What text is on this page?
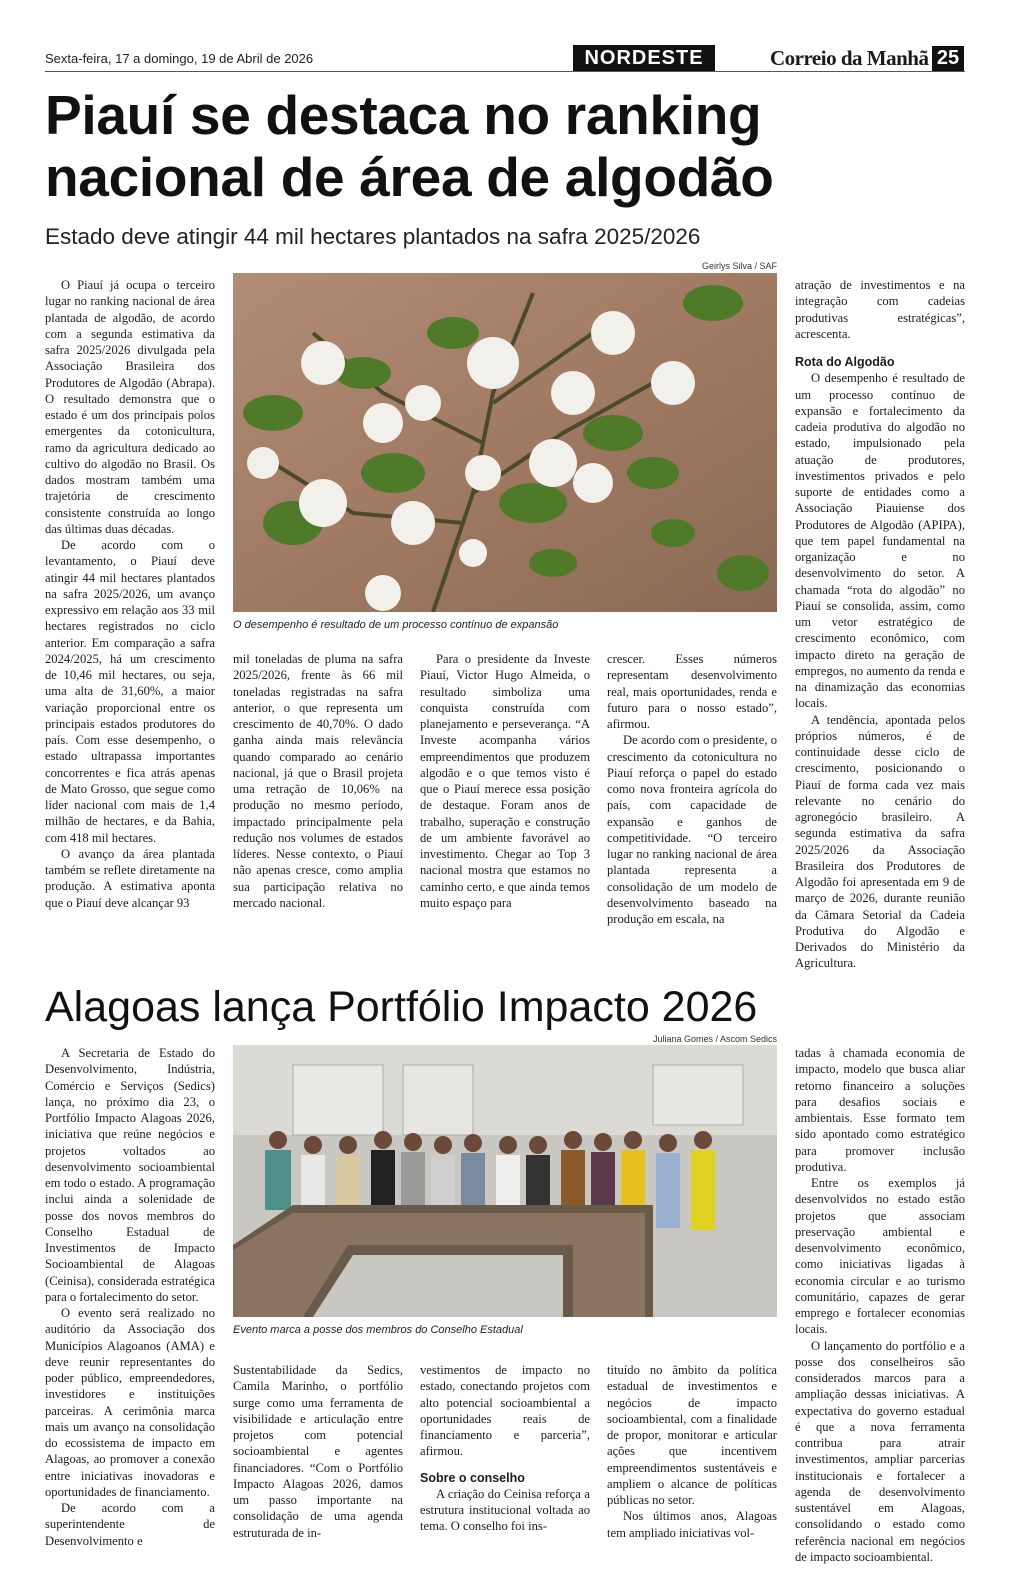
Sexta-feira, 17 a domingo, 19 de Abril de 2026	NORDESTE	Correio da Manhã 25
Piauí se destaca no ranking
nacional de área de algodão
Estado deve atingir 44 mil hectares plantados na safra 2025/2026
Geirlys Silva / SAF
O desempenho é resultado de um processo contínuo de expansão

O Piauí já ocupa o terceiro lugar no ranking nacional de área plantada de algodão, de acordo com a segunda estimativa da safra 2025/2026 divulgada pela Associação Brasileira dos Produtores de Algodão (Abrapa). O resultado demonstra que o estado é um dos principais polos emergentes da cotonicultura, ramo da agricultura dedicado ao cultivo do algodão no Brasil. Os dados mostram também uma trajetória de crescimento consistente construída ao longo das últimas duas décadas.

De acordo com o levantamento, o Piauí deve atingir 44 mil hectares plantados na safra 2025/2026, um avanço expressivo em relação aos 33 mil hectares registrados no ciclo anterior. Em comparação a safra 2024/2025, há um crescimento de 10,46 mil hectares, ou seja, uma alta de 31,60%, a maior variação proporcional entre os principais estados produtores do país. Com esse desempenho, o estado ultrapassa importantes concorrentes e fica atrás apenas de Mato Grosso, que segue como líder nacional com mais de 1,4 milhão de hectares, e da Bahia, com 418 mil hectares.

O avanço da área plantada também se reflete diretamente na produção. A estimativa aponta que o Piauí deve alcançar 93

mil toneladas de pluma na safra 2025/2026, frente às 66 mil toneladas registradas na safra anterior, o que representa um crescimento de 40,70%. O dado ganha ainda mais relevância quando comparado ao cenário nacional, já que o Brasil projeta uma retração de 10,06% na produção no mesmo período, impactado principalmente pela redução nos volumes de estados líderes. Nesse contexto, o Piauí não apenas cresce, como amplia sua participação relativa no mercado nacional.

Para o presidente da Investe Piauí, Victor Hugo Almeida, o resultado simboliza uma conquista construída com planejamento e perseverança. “A Investe acompanha vários empreendimentos que produzem algodão e o que temos visto é que o Piauí merece essa posição de destaque. Foram anos de trabalho, superação e construção de um ambiente favorável ao investimento. Chegar ao Top 3 nacional mostra que estamos no caminho certo, e que ainda temos muito espaço para

crescer. Esses números representam desenvolvimento real, mais oportunidades, renda e futuro para o nosso estado”, afirmou.

De acordo com o presidente, o crescimento da cotonicultura no Piauí reforça o papel do estado como nova fronteira agrícola do país, com capacidade de expansão e ganhos de competitividade. “O terceiro lugar no ranking nacional de área plantada representa a consolidação de um modelo de desenvolvimento baseado na produção em escala, na

atração de investimentos e na integração com cadeias produtivas estratégicas”, acrescenta.

Rota do Algodão

O desempenho é resultado de um processo contínuo de expansão e fortalecimento da cadeia produtiva do algodão no estado, impulsionado pela atuação de produtores, investimentos privados e pelo suporte de entidades como a Associação Piauiense dos Produtores de Algodão (APIPA), que tem papel fundamental na organização e no desenvolvimento do setor. A chamada “rota do algodão” no Piauí se consolida, assim, como um vetor estratégico de crescimento econômico, com impacto direto na geração de empregos, no aumento da renda e na dinamização das economias locais.

A tendência, apontada pelos próprios números, é de continuidade desse ciclo de crescimento, posicionando o Piauí de forma cada vez mais relevante no cenário do agronegócio brasileiro. A segunda estimativa da safra 2025/2026 da Associação Brasileira dos Produtores de Algodão foi apresentada em 9 de março de 2026, durante reunião da Câmara Setorial da Cadeia Produtiva do Algodão e Derivados do Ministério da Agricultura.

Alagoas lança Portfólio Impacto 2026
Juliana Gomes / Ascom Sedics
Evento marca a posse dos membros do Conselho Estadual

A Secretaria de Estado do Desenvolvimento, Indústria, Comércio e Serviços (Sedics) lança, no próximo dia 23, o Portfólio Impacto Alagoas 2026, iniciativa que reúne negócios e projetos voltados ao desenvolvimento socioambiental em todo o estado. A programação inclui ainda a solenidade de posse dos novos membros do Conselho Estadual de Investimentos de Impacto Socioambiental de Alagoas (Ceinisa), considerada estratégica para o fortalecimento do setor.

O evento será realizado no auditório da Associação dos Municípios Alagoanos (AMA) e deve reunir representantes do poder público, empreendedores, investidores e instituições parceiras. A cerimônia marca mais um avanço na consolidação do ecossistema de impacto em Alagoas, ao promover a conexão entre iniciativas inovadoras e oportunidades de financiamento.

De acordo com a superintendente de Desenvolvimento e

Sustentabilidade da Sedics, Camila Marinho, o portfólio surge como uma ferramenta de visibilidade e articulação entre projetos com potencial socioambiental e agentes financiadores. “Com o Portfólio Impacto Alagoas 2026, damos um passo importante na consolidação de uma agenda estruturada de in-

vestimentos de impacto no estado, conectando projetos com alto potencial socioambiental a oportunidades reais de financiamento e parceria”, afirmou.

Sobre o conselho

A criação do Ceinisa reforça a estrutura institucional voltada ao tema. O conselho foi ins-

tituído no âmbito da política estadual de investimentos e negócios de impacto socioambiental, com a finalidade de propor, monitorar e articular ações que incentivem empreendimentos sustentáveis e ampliem o alcance de políticas públicas no setor.

Nos últimos anos, Alagoas tem ampliado iniciativas vol-

tadas à chamada economia de impacto, modelo que busca aliar retorno financeiro a soluções para desafios sociais e ambientais. Esse formato tem sido apontado como estratégico para promover inclusão produtiva.

Entre os exemplos já desenvolvidos no estado estão projetos que associam preservação ambiental e desenvolvimento econômico, como iniciativas ligadas à economia circular e ao turismo comunitário, capazes de gerar emprego e fortalecer economias locais.

O lançamento do portfólio e a posse dos conselheiros são considerados marcos para a ampliação dessas iniciativas. A expectativa do governo estadual é que a nova ferramenta contribua para atrair investimentos, ampliar parcerias institucionais e fortalecer a agenda de desenvolvimento sustentável em Alagoas, consolidando o estado como referência nacional em negócios de impacto socioambiental.
